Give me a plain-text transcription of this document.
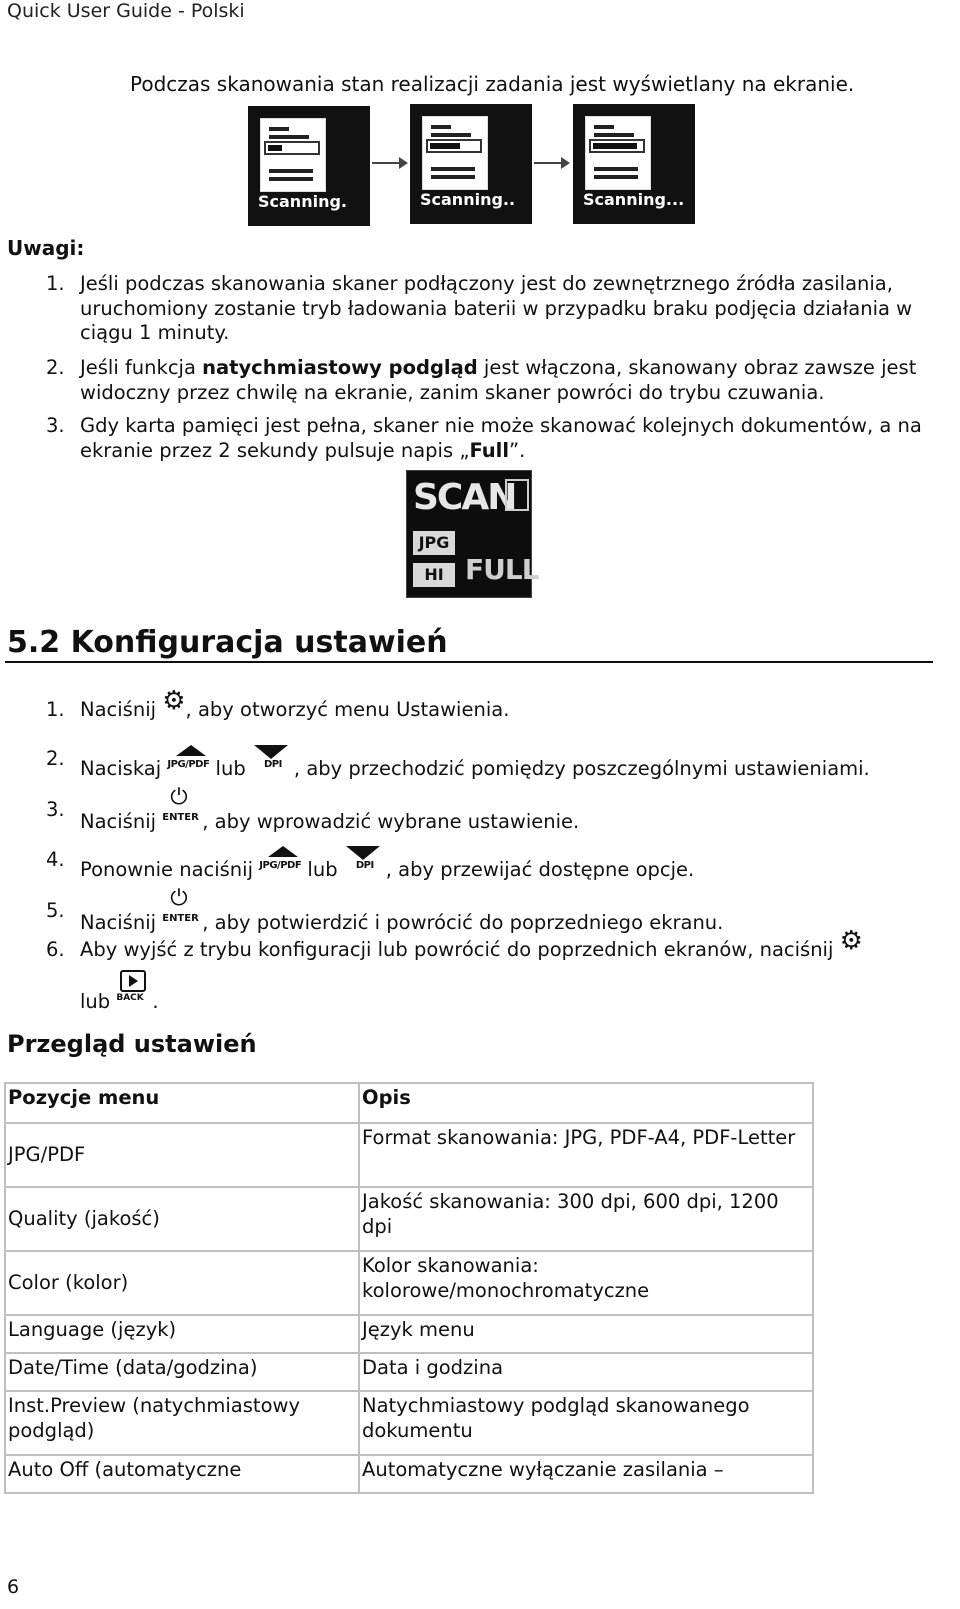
Quick User Guide - Polski
Podczas skanowania stan realizacji zadania jest wyświetlany na ekranie.
Scanning.	Scanning..	Scanning...
Uwagi:
1. Jeśli podczas skanowania skaner podłączony jest do zewnętrznego źródła zasilania, uruchomiony zostanie tryb ładowania baterii w przypadku braku podjęcia działania w ciągu 1 minuty.
2. Jeśli funkcja natychmiastowy podgląd jest włączona, skanowany obraz zawsze jest widoczny przez chwilę na ekranie, zanim skaner powróci do trybu czuwania.
3. Gdy karta pamięci jest pełna, skaner nie może skanować kolejnych dokumentów, a na ekranie przez 2 sekundy pulsuje napis „Full”.
SCAN
JPG
HI FULL
5.2 Konfiguracja ustawień
1. Naciśnij ⚙, aby otworzyć menu Ustawienia.
2. Naciskaj JPG/PDF lub	DPI , aby przechodzić pomiędzy poszczególnymi ustawieniami.
3.
Naciśnij
⏻
ENTER , aby wprowadzić wybrane ustawienie.
4. Ponownie naciśnij JPG/PDF lub	DPI , aby przewijać dostępne opcje.
5.
Naciśnij
⏻
ENTER , aby potwierdzić i powrócić do poprzedniego ekranu.
6. Aby wyjść z trybu konfiguracji lub powrócić do poprzednich ekranów, naciśnij ⚙
lub BACK .
Przegląd ustawień
Pozycje menu	Opis
JPG/PDF	Format skanowania: JPG, PDF-A4, PDF-Letter
Quality (jakość)	Jakość skanowania: 300 dpi, 600 dpi, 1200 dpi
Color (kolor)	Kolor skanowania: kolorowe/monochromatyczne
Language (język)	Język menu
Date/Time (data/godzina)	Data i godzina
Inst.Preview (natychmiastowy podgląd)	Natychmiastowy podgląd skanowanego dokumentu
Auto Off (automatyczne	Automatyczne wyłączanie zasilania –
6
